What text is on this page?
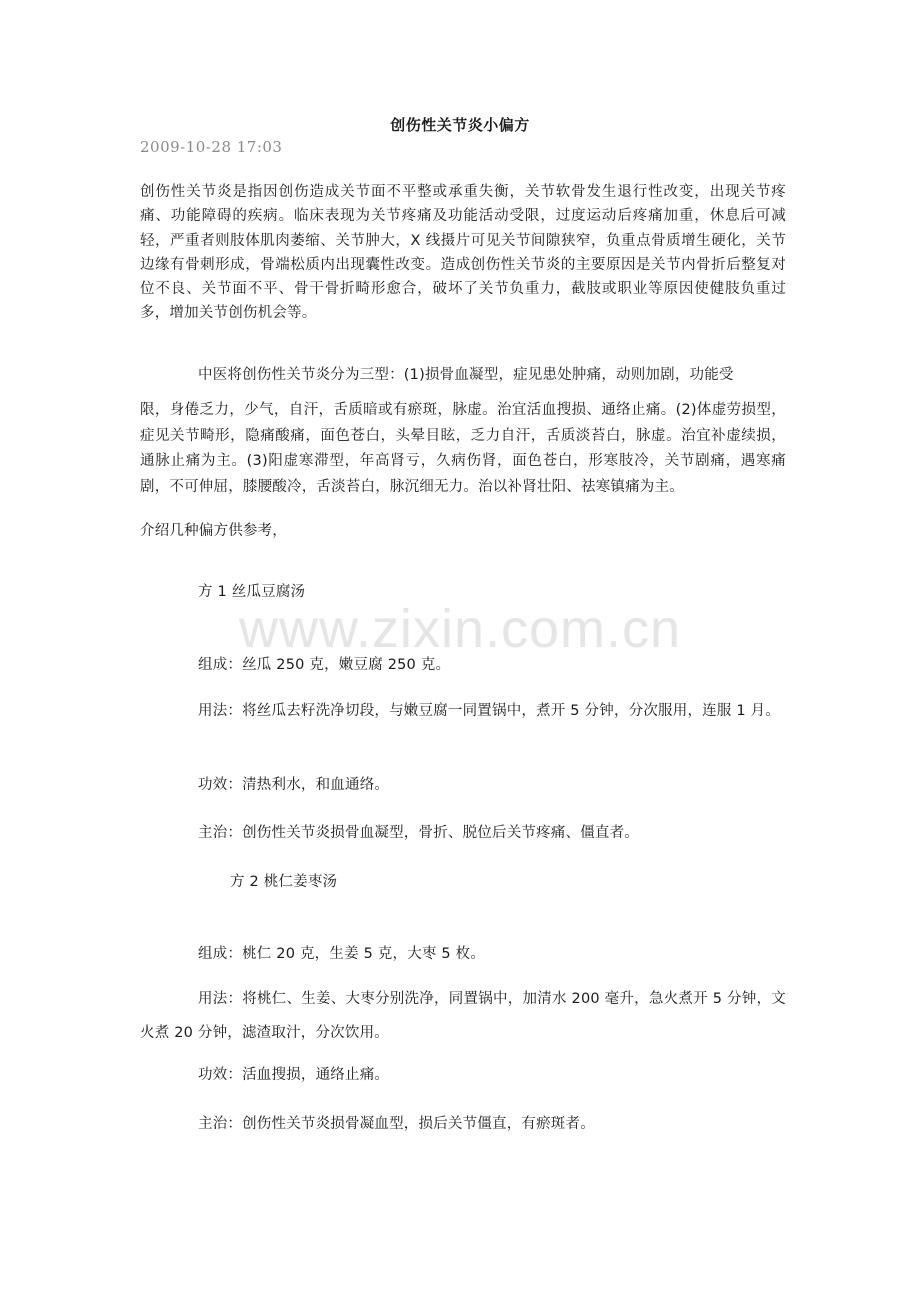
创伤性关节炎小偏方
2009-10-28 17:03
创伤性关节炎是指因创伤造成关节面不平整或承重失衡，关节软骨发生退行性改变，出现关节疼痛、功能障碍的疾病。临床表现为关节疼痛及功能活动受限，过度运动后疼痛加重，休息后可减轻，严重者则肢体肌肉萎缩、关节肿大，X 线摄片可见关节间隙狭窄，负重点骨质增生硬化，关节边缘有骨刺形成，骨端松质内出现囊性改变。造成创伤性关节炎的主要原因是关节内骨折后整复对位不良、关节面不平、骨干骨折畸形愈合，破坏了关节负重力，截肢或职业等原因使健肢负重过多，增加关节创伤机会等。
中医将创伤性关节炎分为三型：(1)损骨血凝型，症见患处肿痛，动则加剧，功能受
限，身倦乏力，少气，自汗，舌质暗或有瘀斑，脉虚。治宜活血搜损、通络止痛。(2)体虚劳损型，症见关节畸形，隐痛酸痛，面色苍白，头晕目眩，乏力自汗，舌质淡苔白，脉虚。治宜补虚续损，通脉止痛为主。(3)阳虚寒滞型，年高肾亏，久病伤肾，面色苍白，形寒肢冷，关节剧痛，遇寒痛剧，不可伸屈，膝腰酸冷，舌淡苔白，脉沉细无力。治以补肾壮阳、祛寒镇痛为主。
介绍几种偏方供参考，
方 1 丝瓜豆腐汤
www.zixin.com.cn
组成：丝瓜 250 克，嫩豆腐 250 克。
用法：将丝瓜去籽洗净切段，与嫩豆腐一同置锅中，煮开 5 分钟，分次服用，连服 1 月。
功效：清热利水，和血通络。
主治：创伤性关节炎损骨血凝型，骨折、脱位后关节疼痛、僵直者。
方 2 桃仁姜枣汤
组成：桃仁 20 克，生姜 5 克，大枣 5 枚。
用法：将桃仁、生姜、大枣分别洗净，同置锅中，加清水 200 毫升，急火煮开 5 分钟，文火煮 20 分钟，滤渣取汁，分次饮用。
功效：活血搜损，通络止痛。
主治：创伤性关节炎损骨凝血型，损后关节僵直，有瘀斑者。
